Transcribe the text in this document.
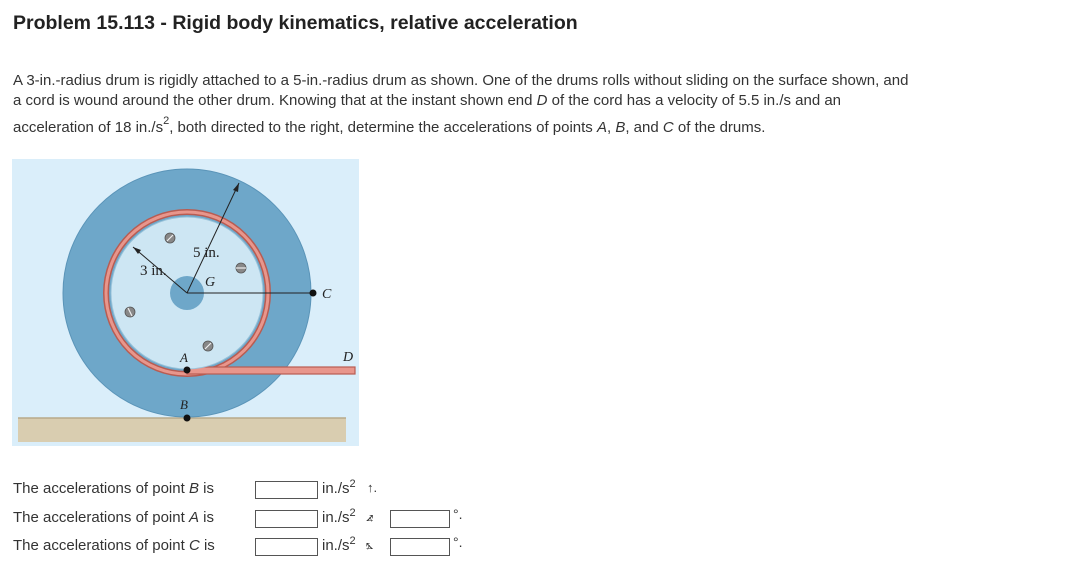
Problem 15.113 - Rigid body kinematics, relative acceleration

A 3-in.-radius drum is rigidly attached to a 5-in.-radius drum as shown. One of the drums rolls without sliding on the surface shown, and
a cord is wound around the other drum. Knowing that at the instant shown end D of the cord has a velocity of 5.5 in./s and an
acceleration of 18 $in./s^2$, both directed to the right, determine the accelerations of points A, B, and C of the drums.

5 in.
3 in.
G
C
D
A
B
The accelerations of point B is	$in./s^2$ ↑.
The accelerations of point A is	$in./s^2$ ⦨	°.
The accelerations of point C is	$in./s^2$ ⦩	°.
